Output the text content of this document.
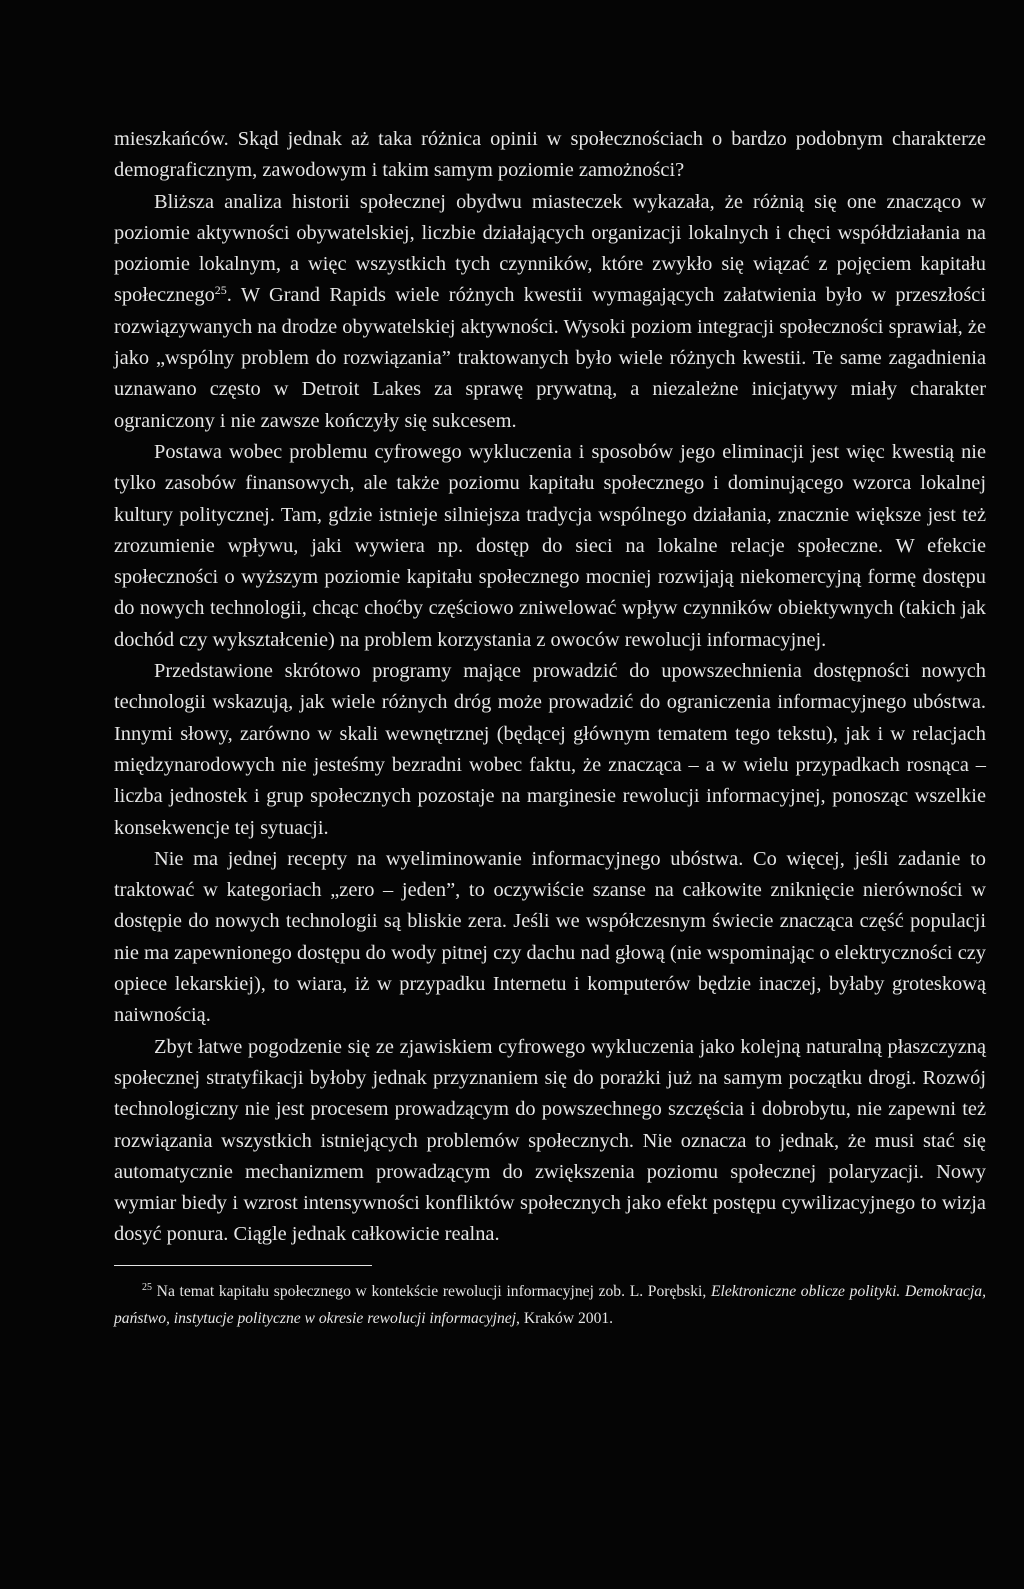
mieszkańców. Skąd jednak aż taka różnica opinii w społecznościach o bardzo podobnym charakterze demograficznym, zawodowym i takim samym poziomie zamożności?

Bliższa analiza historii społecznej obydwu miasteczek wykazała, że różnią się one znacząco w poziomie aktywności obywatelskiej, liczbie działających organizacji lokalnych i chęci współdziałania na poziomie lokalnym, a więc wszystkich tych czynników, które zwykło się wiązać z pojęciem kapitału społecznego$^{25}$. W Grand Rapids wiele różnych kwestii wymagających załatwienia było w przeszłości rozwiązywanych na drodze obywatelskiej aktywności. Wysoki poziom integracji społeczności sprawiał, że jako „wspólny problem do rozwiązania” traktowanych było wiele różnych kwestii. Te same zagadnienia uznawano często w Detroit Lakes za sprawę prywatną, a niezależne inicjatywy miały charakter ograniczony i nie zawsze kończyły się sukcesem.

Postawa wobec problemu cyfrowego wykluczenia i sposobów jego eliminacji jest więc kwestią nie tylko zasobów finansowych, ale także poziomu kapitału społecznego i dominującego wzorca lokalnej kultury politycznej. Tam, gdzie istnieje silniejsza tradycja wspólnego działania, znacznie większe jest też zrozumienie wpływu, jaki wywiera np. dostęp do sieci na lokalne relacje społeczne. W efekcie społeczności o wyższym poziomie kapitału społecznego mocniej rozwijają niekomercyjną formę dostępu do nowych technologii, chcąc choćby częściowo zniwelować wpływ czynników obiektywnych (takich jak dochód czy wykształcenie) na problem korzystania z owoców rewolucji informacyjnej.

Przedstawione skrótowo programy mające prowadzić do upowszechnienia dostępności nowych technologii wskazują, jak wiele różnych dróg może prowadzić do ograniczenia informacyjnego ubóstwa. Innymi słowy, zarówno w skali wewnętrznej (będącej głównym tematem tego tekstu), jak i w relacjach międzynarodowych nie jesteśmy bezradni wobec faktu, że znacząca – a w wielu przypadkach rosnąca – liczba jednostek i grup społecznych pozostaje na marginesie rewolucji informacyjnej, ponosząc wszelkie konsekwencje tej sytuacji.

Nie ma jednej recepty na wyeliminowanie informacyjnego ubóstwa. Co więcej, jeśli zadanie to traktować w kategoriach „zero – jeden”, to oczywiście szanse na całkowite zniknięcie nierówności w dostępie do nowych technologii są bliskie zera. Jeśli we współczesnym świecie znacząca część populacji nie ma zapewnionego dostępu do wody pitnej czy dachu nad głową (nie wspominając o elektryczności czy opiece lekarskiej), to wiara, iż w przypadku Internetu i komputerów będzie inaczej, byłaby groteskową naiwnością.

Zbyt łatwe pogodzenie się ze zjawiskiem cyfrowego wykluczenia jako kolejną naturalną płaszczyzną społecznej stratyfikacji byłoby jednak przyznaniem się do porażki już na samym początku drogi. Rozwój technologiczny nie jest procesem prowadzącym do powszechnego szczęścia i dobrobytu, nie zapewni też rozwiązania wszystkich istniejących problemów społecznych. Nie oznacza to jednak, że musi stać się automatycznie mechanizmem prowadzącym do zwiększenia poziomu społecznej polaryzacji. Nowy wymiar biedy i wzrost intensywności konfliktów społecznych jako efekt postępu cywilizacyjnego to wizja dosyć ponura. Ciągle jednak całkowicie realna.

$^{25}$ Na temat kapitału społecznego w kontekście rewolucji informacyjnej zob. L. Porębski, Elektroniczne oblicze polityki. Demokracja, państwo, instytucje polityczne w okresie rewolucji informacyjnej, Kraków 2001.
